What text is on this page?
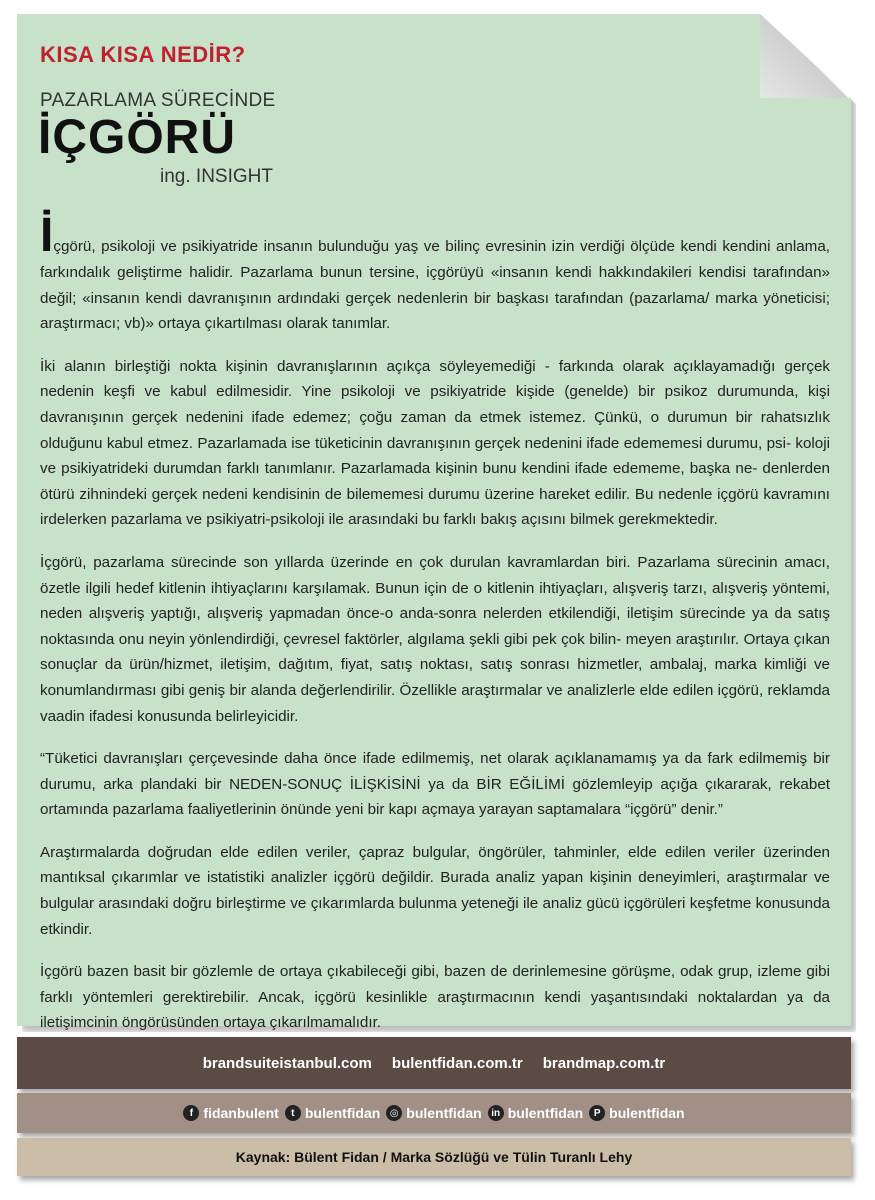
KISA KISA NEDİR?
PAZARLAMA SÜRECİNDE
İÇGÖRÜ
ing. INSIGHT

İçgörü, psikoloji ve psikiyatride insanın bulunduğu yaş ve bilinç evresinin izin verdiği ölçüde kendi kendini anlama, farkındalık geliştirme halidir. Pazarlama bunun tersine, içgörüyü «insanın kendi hakkındakileri kendisi tarafından» değil; «insanın kendi davranışının ardındaki gerçek nedenlerin bir başkası tarafından (pazarlama/ marka yöneticisi; araştırmacı; vb)» ortaya çıkartılması olarak tanımlar.

İki alanın birleştiği nokta kişinin davranışlarının açıkça söyleyemediği - farkında olarak açıklayamadığı gerçek nedenin keşfi ve kabul edilmesidir. Yine psikoloji ve psikiyatride kişide (genelde) bir psikoz durumunda, kişi davranışının gerçek nedenini ifade edemez; çoğu zaman da etmek istemez. Çünkü, o durumun bir rahatsızlık olduğunu kabul etmez. Pazarlamada ise tüketicinin davranışının gerçek nedenini ifade edememesi durumu, psi- koloji ve psikiyatrideki durumdan farklı tanımlanır. Pazarlamada kişinin bunu kendini ifade edememe, başka ne- denlerden ötürü zihnindeki gerçek nedeni kendisinin de bilememesi durumu üzerine hareket edilir. Bu nedenle içgörü kavramını irdelerken pazarlama ve psikiyatri-psikoloji ile arasındaki bu farklı bakış açısını bilmek gerekmektedir.

İçgörü, pazarlama sürecinde son yıllarda üzerinde en çok durulan kavramlardan biri. Pazarlama sürecinin amacı, özetle ilgili hedef kitlenin ihtiyaçlarını karşılamak. Bunun için de o kitlenin ihtiyaçları, alışveriş tarzı, alışveriş yöntemi, neden alışveriş yaptığı, alışveriş yapmadan önce-o anda-sonra nelerden etkilendiği, iletişim sürecinde ya da satış noktasında onu neyin yönlendirdiği, çevresel faktörler, algılama şekli gibi pek çok bilin- meyen araştırılır. Ortaya çıkan sonuçlar da ürün/hizmet, iletişim, dağıtım, fiyat, satış noktası, satış sonrası hizmetler, ambalaj, marka kimliği ve konumlandırması gibi geniş bir alanda değerlendirilir. Özellikle araştırmalar ve analizlerle elde edilen içgörü, reklamda vaadin ifadesi konusunda belirleyicidir.

“Tüketici davranışları çerçevesinde daha önce ifade edilmemiş, net olarak açıklanamamış ya da fark edilmemiş bir durumu, arka plandaki bir NEDEN-SONUÇ İLİŞKİSİNİ ya da BİR EĞİLİMİ gözlemleyip açığa çıkararak, rekabet ortamında pazarlama faaliyetlerinin önünde yeni bir kapı açmaya yarayan saptamalara “içgörü” denir.”

Araştırmalarda doğrudan elde edilen veriler, çapraz bulgular, öngörüler, tahminler, elde edilen veriler üzerinden mantıksal çıkarımlar ve istatistiki analizler içgörü değildir. Burada analiz yapan kişinin deneyimleri, araştırmalar ve bulgular arasındaki doğru birleştirme ve çıkarımlarda bulunma yeteneği ile analiz gücü içgörüleri keşfetme konusunda etkindir.

İçgörü bazen basit bir gözlemle de ortaya çıkabileceği gibi, bazen de derinlemesine görüşme, odak grup, izleme gibi farklı yöntemleri gerektirebilir. Ancak, içgörü kesinlikle araştırmacının kendi yaşantısındaki noktalardan ya da iletişimcinin öngörüsünden ortaya çıkarılmamalıdır.

brandsuiteistanbul.com bulentfidan.com.tr brandmap.com.tr
f fidanbulent	t bulentfidan ◎ bulentfidan in bulentfidan	P bulentfidan
Kaynak: Bülent Fidan / Marka Sözlüğü ve Tülin Turanlı Lehy
